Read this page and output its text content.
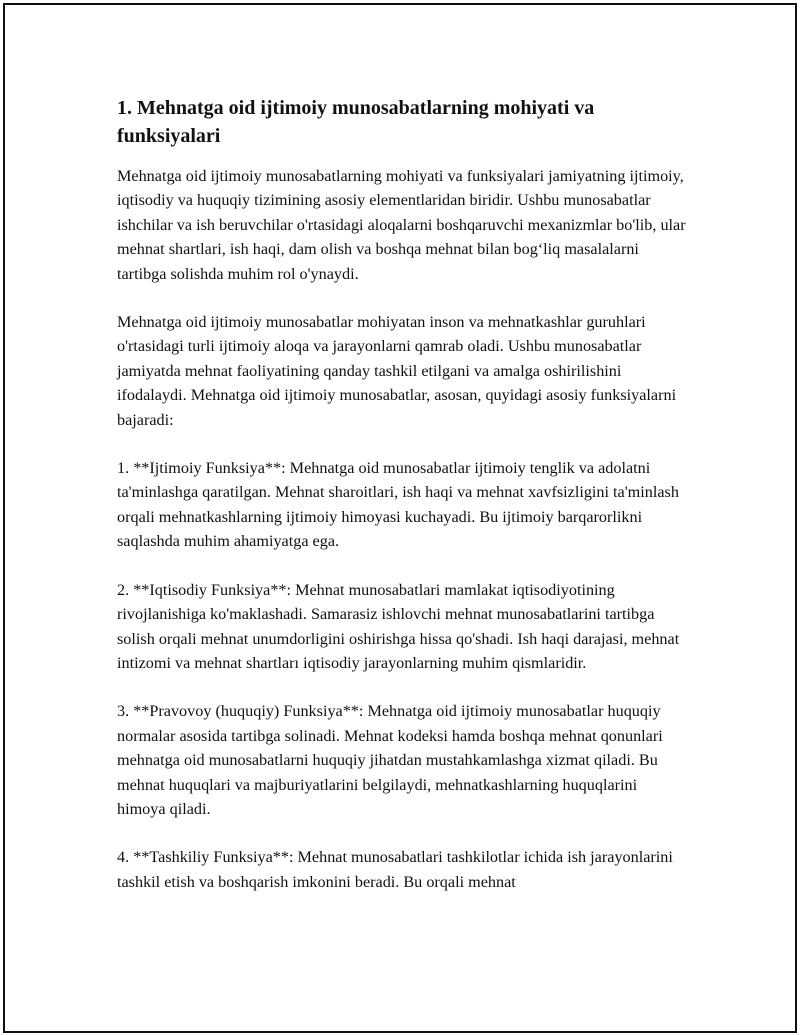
1. Mehnatga oid ijtimoiy munosabatlarning mohiyati va funksiyalari

Mehnatga oid ijtimoiy munosabatlarning mohiyati va funksiyalari jamiyatning ijtimoiy, iqtisodiy va huquqiy tizimining asosiy elementlaridan biridir. Ushbu munosabatlar ishchilar va ish beruvchilar o'rtasidagi aloqalarni boshqaruvchi mexanizmlar bo'lib, ular mehnat shartlari, ish haqi, dam olish va boshqa mehnat bilan bog‘liq masalalarni tartibga solishda muhim rol o'ynaydi.

Mehnatga oid ijtimoiy munosabatlar mohiyatan inson va mehnatkashlar guruhlari o'rtasidagi turli ijtimoiy aloqa va jarayonlarni qamrab oladi. Ushbu munosabatlar jamiyatda mehnat faoliyatining qanday tashkil etilgani va amalga oshirilishini ifodalaydi. Mehnatga oid ijtimoiy munosabatlar, asosan, quyidagi asosiy funksiyalarni bajaradi:

1. **Ijtimoiy Funksiya**: Mehnatga oid munosabatlar ijtimoiy tenglik va adolatni ta'minlashga qaratilgan. Mehnat sharoitlari, ish haqi va mehnat xavfsizligini ta'minlash orqali mehnatkashlarning ijtimoiy himoyasi kuchayadi. Bu ijtimoiy barqarorlikni saqlashda muhim ahamiyatga ega.

2. **Iqtisodiy Funksiya**: Mehnat munosabatlari mamlakat iqtisodiyotining rivojlanishiga ko'maklashadi. Samarasiz ishlovchi mehnat munosabatlarini tartibga solish orqali mehnat unumdorligini oshirishga hissa qo'shadi. Ish haqi darajasi, mehnat intizomi va mehnat shartları iqtisodiy jarayonlarning muhim qismlaridir.

3. **Pravovoy (huquqiy) Funksiya**: Mehnatga oid ijtimoiy munosabatlar huquqiy normalar asosida tartibga solinadi. Mehnat kodeksi hamda boshqa mehnat qonunlari mehnatga oid munosabatlarni huquqiy jihatdan mustahkamlashga xizmat qiladi. Bu mehnat huquqlari va majburiyatlarini belgilaydi, mehnatkashlarning huquqlarini himoya qiladi.

4. **Tashkiliy Funksiya**: Mehnat munosabatlari tashkilotlar ichida ish jarayonlarini tashkil etish va boshqarish imkonini beradi. Bu orqali mehnat
